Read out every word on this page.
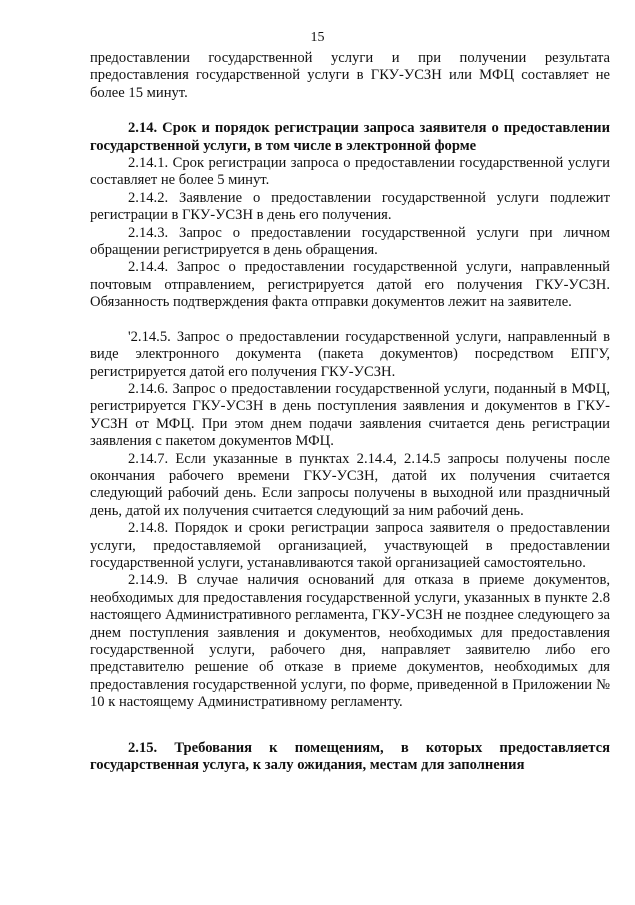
15

предоставлении государственной услуги и при получении результата предоставления государственной услуги в ГКУ-УСЗН или МФЦ составляет не более 15 минут.

2.14. Срок и порядок регистрации запроса заявителя о предоставлении государственной услуги, в том числе в электронной форме

2.14.1. Срок регистрации запроса о предоставлении государственной услуги составляет не более 5 минут.

2.14.2. Заявление о предоставлении государственной услуги подлежит регистрации в ГКУ-УСЗН в день его получения.

2.14.3. Запрос о предоставлении государственной услуги при личном обращении регистрируется в день обращения.

2.14.4. Запрос о предоставлении государственной услуги, направленный почтовым отправлением, регистрируется датой его получения ГКУ-УСЗН. Обязанность подтверждения факта отправки документов лежит на заявителе.

'2.14.5. Запрос о предоставлении государственной услуги, направленный в виде электронного документа (пакета документов) посредством ЕПГУ, регистрируется датой его получения ГКУ-УСЗН.

2.14.6. Запрос о предоставлении государственной услуги, поданный в МФЦ, регистрируется ГКУ-УСЗН в день поступления заявления и документов в ГКУ-УСЗН от МФЦ. При этом днем подачи заявления считается день регистрации заявления с пакетом документов МФЦ.

2.14.7. Если указанные в пунктах 2.14.4, 2.14.5 запросы получены после окончания рабочего времени ГКУ-УСЗН, датой их получения считается следующий рабочий день. Если запросы получены в выходной или праздничный день, датой их получения считается следующий за ним рабочий день.

2.14.8. Порядок и сроки регистрации запроса заявителя о предоставлении услуги, предоставляемой организацией, участвующей в предоставлении государственной услуги, устанавливаются такой организацией самостоятельно.

2.14.9. В случае наличия оснований для отказа в приеме документов, необходимых для предоставления государственной услуги, указанных в пункте 2.8 настоящего Административного регламента, ГКУ-УСЗН не позднее следующего за днем поступления заявления и документов, необходимых для предоставления государственной услуги, рабочего дня, направляет заявителю либо его представителю решение об отказе в приеме документов, необходимых для предоставления государственной услуги, по форме, приведенной в Приложении № 10 к настоящему Административному регламенту.

2.15. Требования к помещениям, в которых предоставляется государственная услуга, к залу ожидания, местам для заполнения
